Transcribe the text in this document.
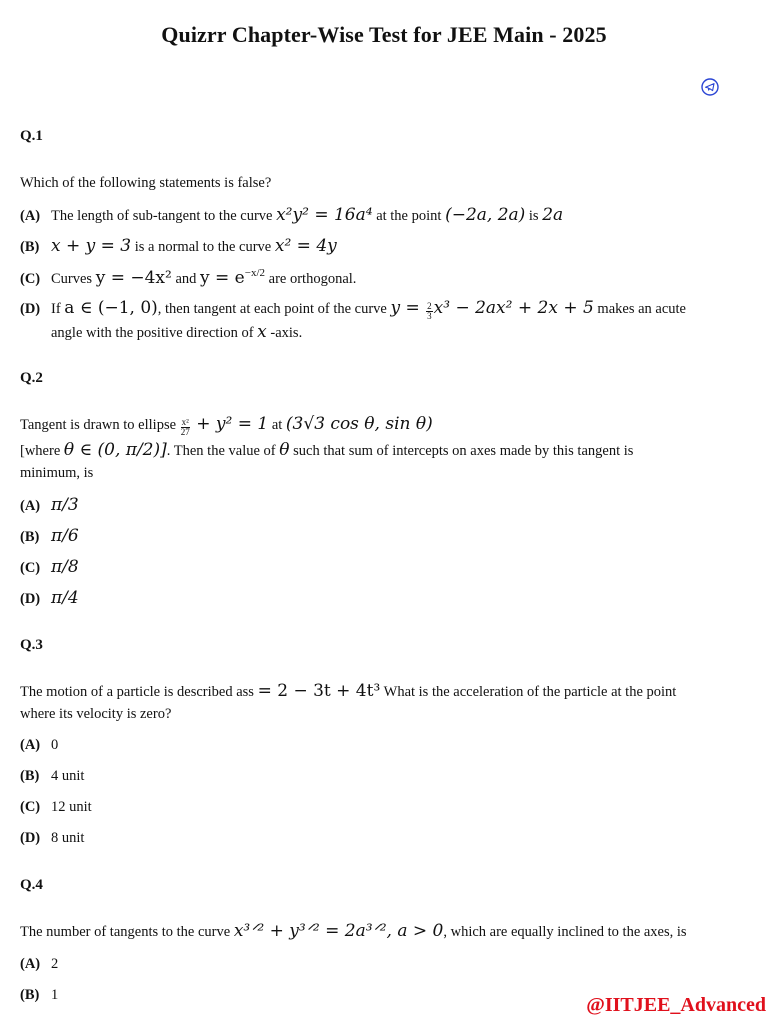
Quizrr Chapter-Wise Test for JEE Main - 2025
Q.1
Which of the following statements is false?
(A) The length of sub-tangent to the curve x²y² = 16a⁴ at the point (−2a, 2a) is 2a
(B) x + y = 3 is a normal to the curve x² = 4y
(C) Curves y = −4x² and $y = e^{-x/2}$ are orthogonal.
(D) If a ∈ (−1, 0), then tangent at each point of the curve $y = \frac{2}{3} x^3 - 2ax^2 + 2x + 5$ makes an acute
angle with the positive direction of x -axis.
Q.2
Tangent is drawn to ellipse $\frac{\text{x²}}{27} + y^2 = 1$ at (3√3 cos θ, sin θ)
[where θ ∈ (0, π/2)]. Then the value of θ such that sum of intercepts on axes made by this tangent is
minimum, is
(A) π/3
(B) π/6
(C) π/8
(D) π/4
Q.3
The motion of a particle is described ass = 2 − 3t + 4t³ What is the acceleration of the particle at the point
where its velocity is zero?
(A) 0
(B) 4 unit
(C) 12 unit
(D) 8 unit
Q.4
The number of tangents to the curve x³ᐟ² + y³ᐟ² = 2a³ᐟ², a > 0, which are equally inclined to the axes, is
(A) 2
(B) 1	@IITJEE_Advanced
